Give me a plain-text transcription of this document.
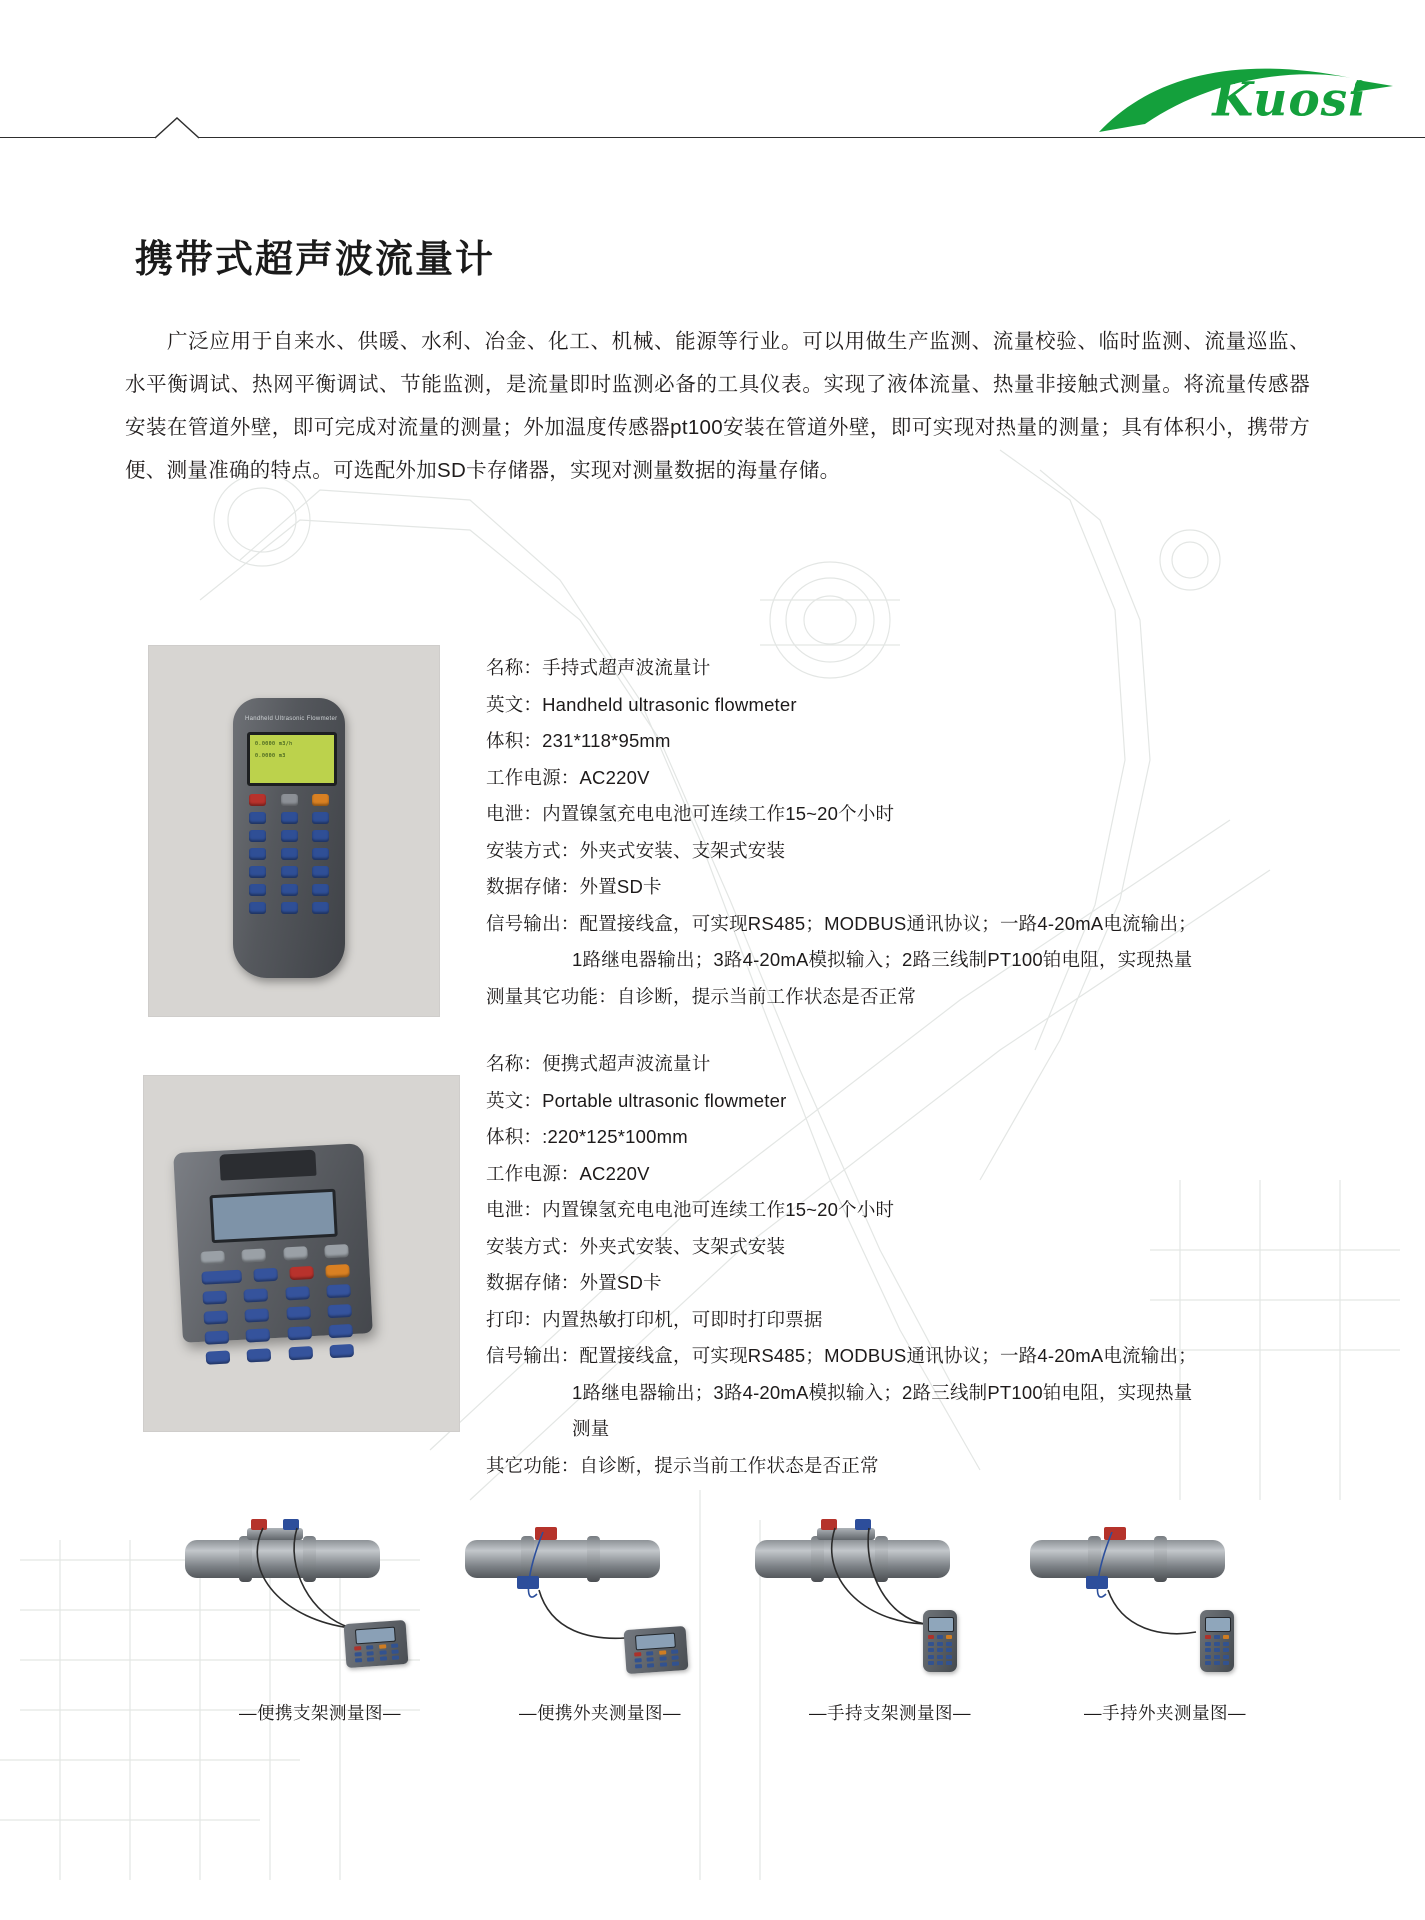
Kuosi
携带式超声波流量计
广泛应用于自来水、供暖、水利、冶金、化工、机械、能源等行业。可以用做生产监测、流量校验、临时监测、流量巡监、水平衡调试、热网平衡调试、节能监测，是流量即时监测必备的工具仪表。实现了液体流量、热量非接触式测量。将流量传感器安装在管道外壁，即可完成对流量的测量；外加温度传感器pt100安装在管道外壁，即可实现对热量的测量；具有体积小，携带方便、测量准确的特点。可选配外加SD卡存储器，实现对测量数据的海量存储。
Handheld Ultrasonic Flowmeter
0.0000 m3/h
0.0000 m3
名称：手持式超声波流量计
英文：Handheld ultrasonic flowmeter
体积：231*118*95mm
工作电源：AC220V
电泄：内置镍氢充电电池可连续工作15~20个小时
安装方式：外夹式安装、支架式安装
数据存储：外置SD卡
信号输出：配置接线盒，可实现RS485；MODBUS通讯协议；一路4-20mA电流输出；
1路继电器输出；3路4-20mA模拟输入；2路三线制PT100铂电阻，实现热量
测量其它功能：自诊断，提示当前工作状态是否正常
名称：便携式超声波流量计
英文：Portable ultrasonic flowmeter
体积：:220*125*100mm
工作电源：AC220V
电泄：内置镍氢充电电池可连续工作15~20个小时
安装方式：外夹式安装、支架式安装
数据存储：外置SD卡
打印：内置热敏打印机，可即时打印票据
信号输出：配置接线盒，可实现RS485；MODBUS通讯协议；一路4-20mA电流输出；
1路继电器输出；3路4-20mA模拟输入；2路三线制PT100铂电阻，实现热量
测量
其它功能：自诊断，提示当前工作状态是否正常
—便携支架测量图—	—便携外夹测量图—	—手持支架测量图—	—手持外夹测量图—
